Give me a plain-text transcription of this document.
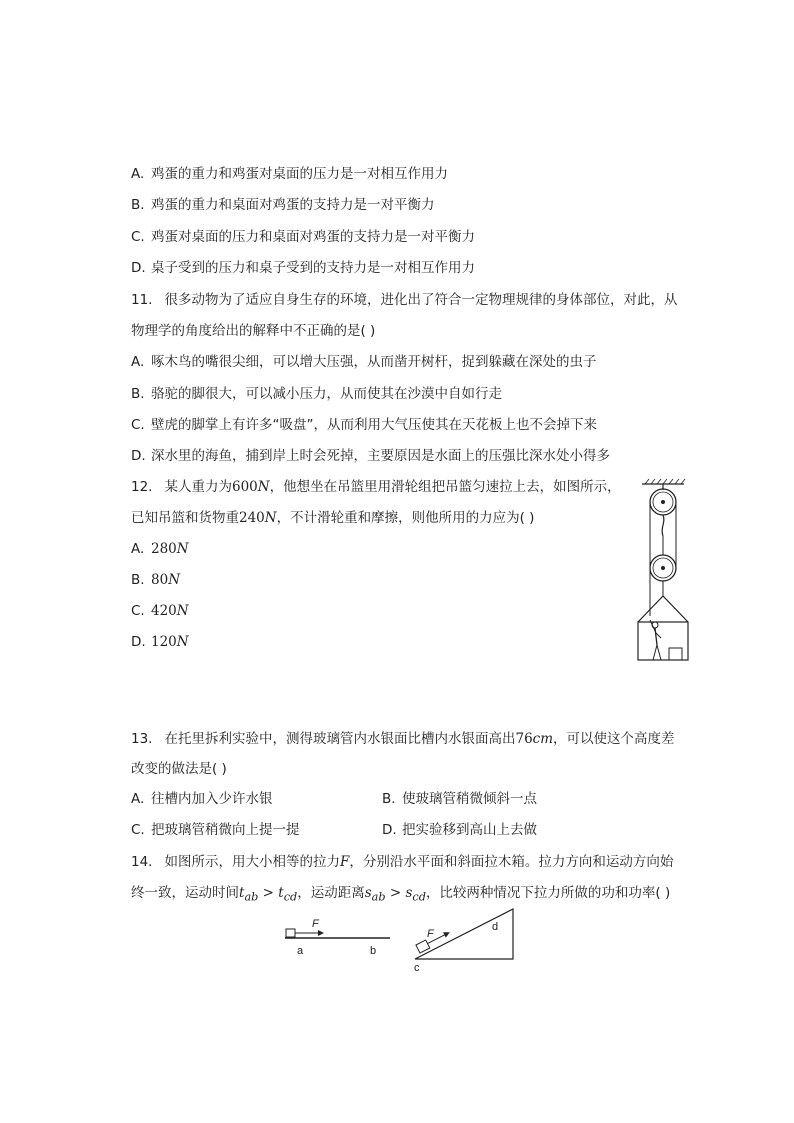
A. 鸡蛋的重力和鸡蛋对桌面的压力是一对相互作用力
B. 鸡蛋的重力和桌面对鸡蛋的支持力是一对平衡力
C. 鸡蛋对桌面的压力和桌面对鸡蛋的支持力是一对平衡力
D. 桌子受到的压力和桌子受到的支持力是一对相互作用力
11. 很多动物为了适应自身生存的环境，进化出了符合一定物理规律的身体部位，对此，从
物理学的角度给出的解释中不正确的是( )
A. 啄木鸟的嘴很尖细，可以增大压强，从而凿开树杆，捉到躲藏在深处的虫子
B. 骆驼的脚很大，可以减小压力，从而使其在沙漠中自如行走
C. 壁虎的脚掌上有许多“吸盘”，从而利用大气压使其在天花板上也不会掉下来
D. 深水里的海鱼，捕到岸上时会死掉，主要原因是水面上的压强比深水处小得多
12. 某人重力为600N，他想坐在吊篮里用滑轮组把吊篮匀速拉上去，如图所示，
已知吊篮和货物重240N，不计滑轮重和摩擦，则他所用的力应为( )
A. 280N
B. 80N
C. 420N
D. 120N
13. 在托里拆利实验中，测得玻璃管内水银面比槽内水银面高出76cm，可以使这个高度差
改变的做法是( )
A. 往槽内加入少许水银	B. 使玻璃管稍微倾斜一点
C. 把玻璃管稍微向上提一提	D. 把实验移到高山上去做
14. 如图所示，用大小相等的拉力F，分别沿水平面和斜面拉木箱。拉力方向和运动方向始
终一致，运动时间$t_{ab} > t_{cd}$，运动距离$s_{ab} > s_{cd}$，比较两种情况下拉力所做的功和功率( )
F
a	b
F
c
d
